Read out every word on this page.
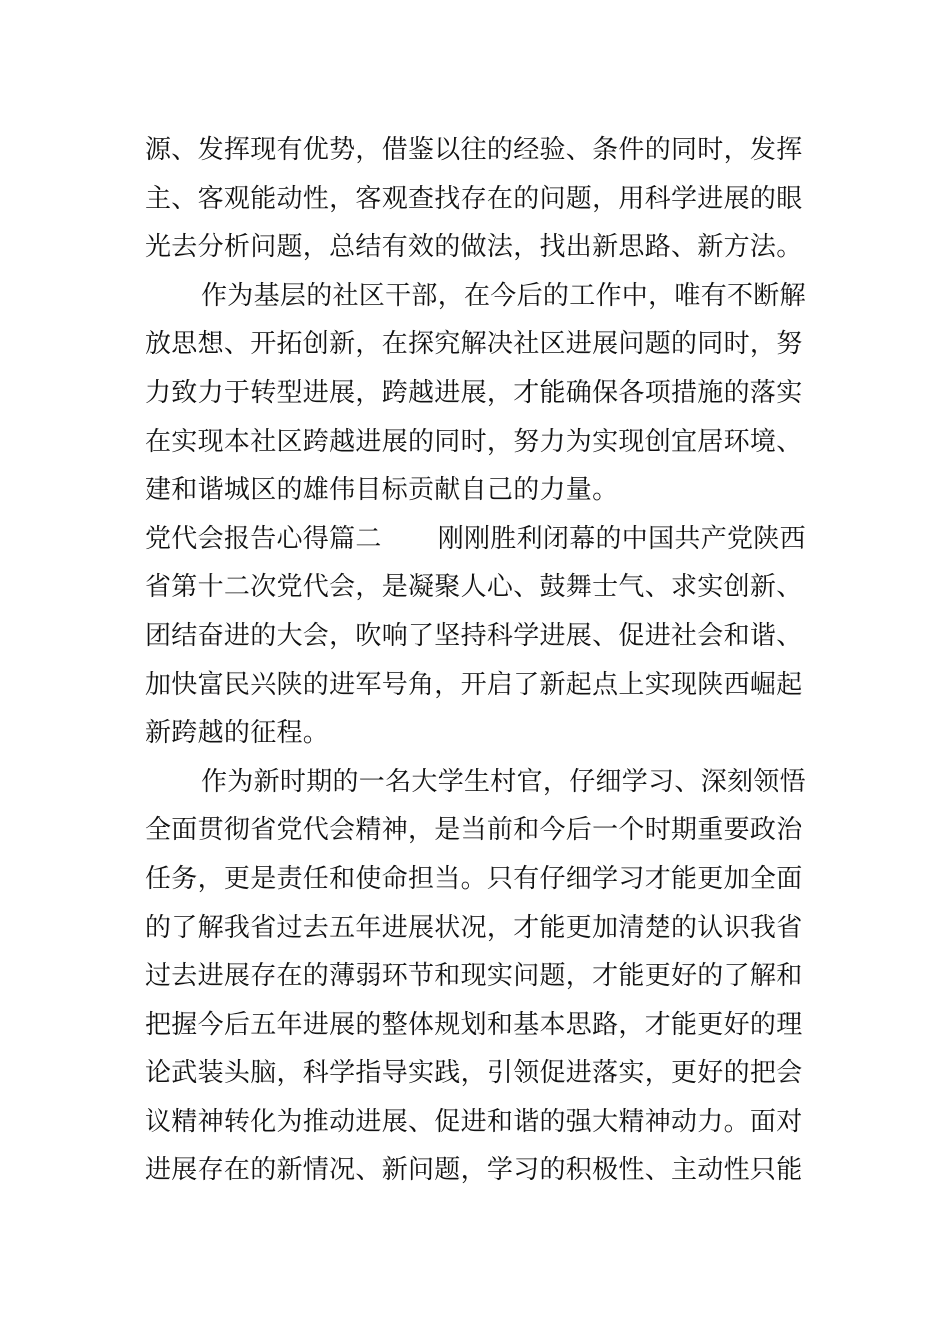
源、发挥现有优势，借鉴以往的经验、条件的同时，发挥
主、客观能动性，客观查找存在的问题，用科学进展的眼
光去分析问题，总结有效的做法，找出新思路、新方法。
作为基层的社区干部，在今后的工作中，唯有不断解
放思想、开拓创新，在探究解决社区进展问题的同时，努
力致力于转型进展，跨越进展，才能确保各项措施的落实
在实现本社区跨越进展的同时，努力为实现创宜居环境、
建和谐城区的雄伟目标贡献自己的力量。
党代会报告心得篇二 刚刚胜利闭幕的中国共产党陕西
省第十二次党代会，是凝聚人心、鼓舞士气、求实创新、
团结奋进的大会，吹响了坚持科学进展、促进社会和谐、
加快富民兴陕的进军号角，开启了新起点上实现陕西崛起
新跨越的征程。
作为新时期的一名大学生村官，仔细学习、深刻领悟
全面贯彻省党代会精神，是当前和今后一个时期重要政治
任务，更是责任和使命担当。只有仔细学习才能更加全面
的了解我省过去五年进展状况，才能更加清楚的认识我省
过去进展存在的薄弱环节和现实问题，才能更好的了解和
把握今后五年进展的整体规划和基本思路，才能更好的理
论武装头脑，科学指导实践，引领促进落实，更好的把会
议精神转化为推动进展、促进和谐的强大精神动力。面对
进展存在的新情况、新问题，学习的积极性、主动性只能
